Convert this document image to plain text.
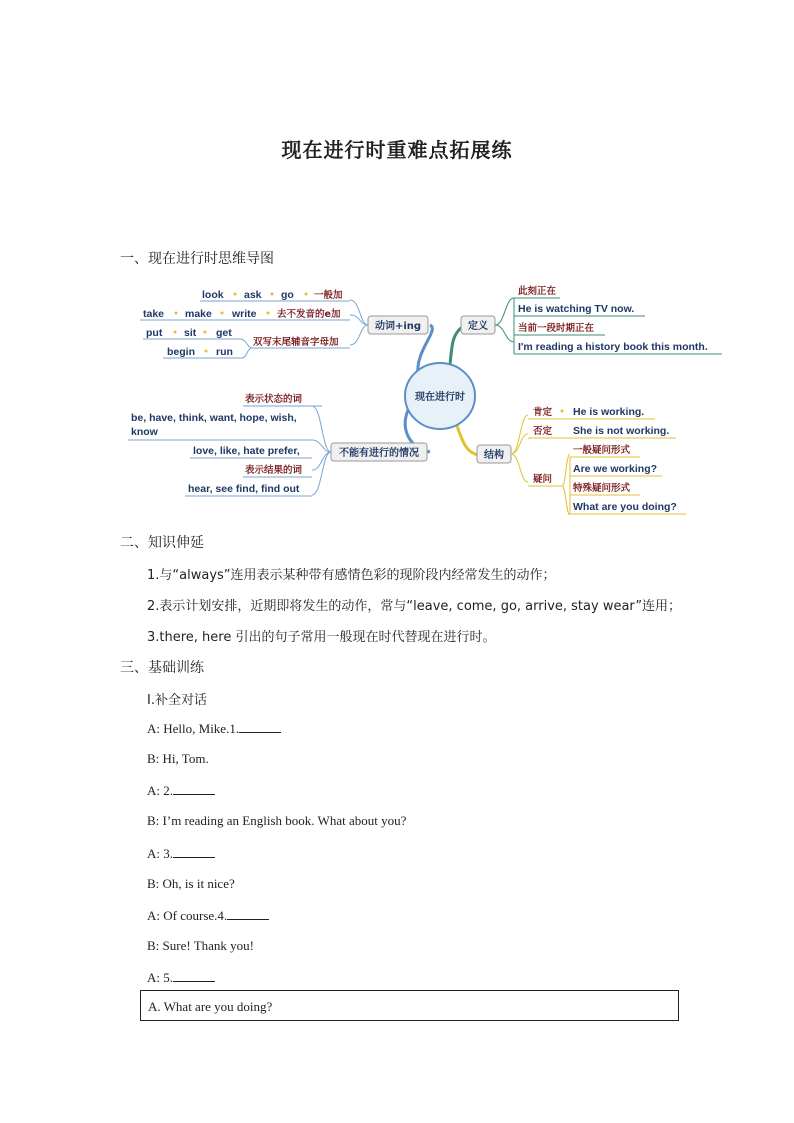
现在进行时重难点拓展练
一、现在进行时思维导图
现在进行时
动词+ing
look ask go 一般加
take make write 去不发音的e加
put sit get
双写末尾辅音字母加
begin run
定义
此刻正在
He is watching TV now.
当前一段时期正在
I'm reading a history book this month.
不能有进行的情况
表示状态的词
be, have, think, want, hope, wish,
know
love, like, hate prefer,
表示结果的词
hear, see find, find out
结构
肯定 He is working.
否定 She is not working.
疑问
一般疑问形式
Are we working?
特殊疑问形式
What are you doing?
二、知识伸延
1.与“always”连用表示某种带有感情色彩的现阶段内经常发生的动作；
2.表示计划安排，近期即将发生的动作，常与“leave, come, go, arrive, stay wear”连用；
3.there, here 引出的句子常用一般现在时代替现在进行时。
三、基础训练
Ⅰ.补全对话
A: Hello, Mike.1.
B: Hi, Tom.
A: 2.
B: I’m reading an English book. What about you?
A: 3.
B: Oh, is it nice?
A: Of course.4.
B: Sure! Thank you!
A: 5.
A. What are you doing?
